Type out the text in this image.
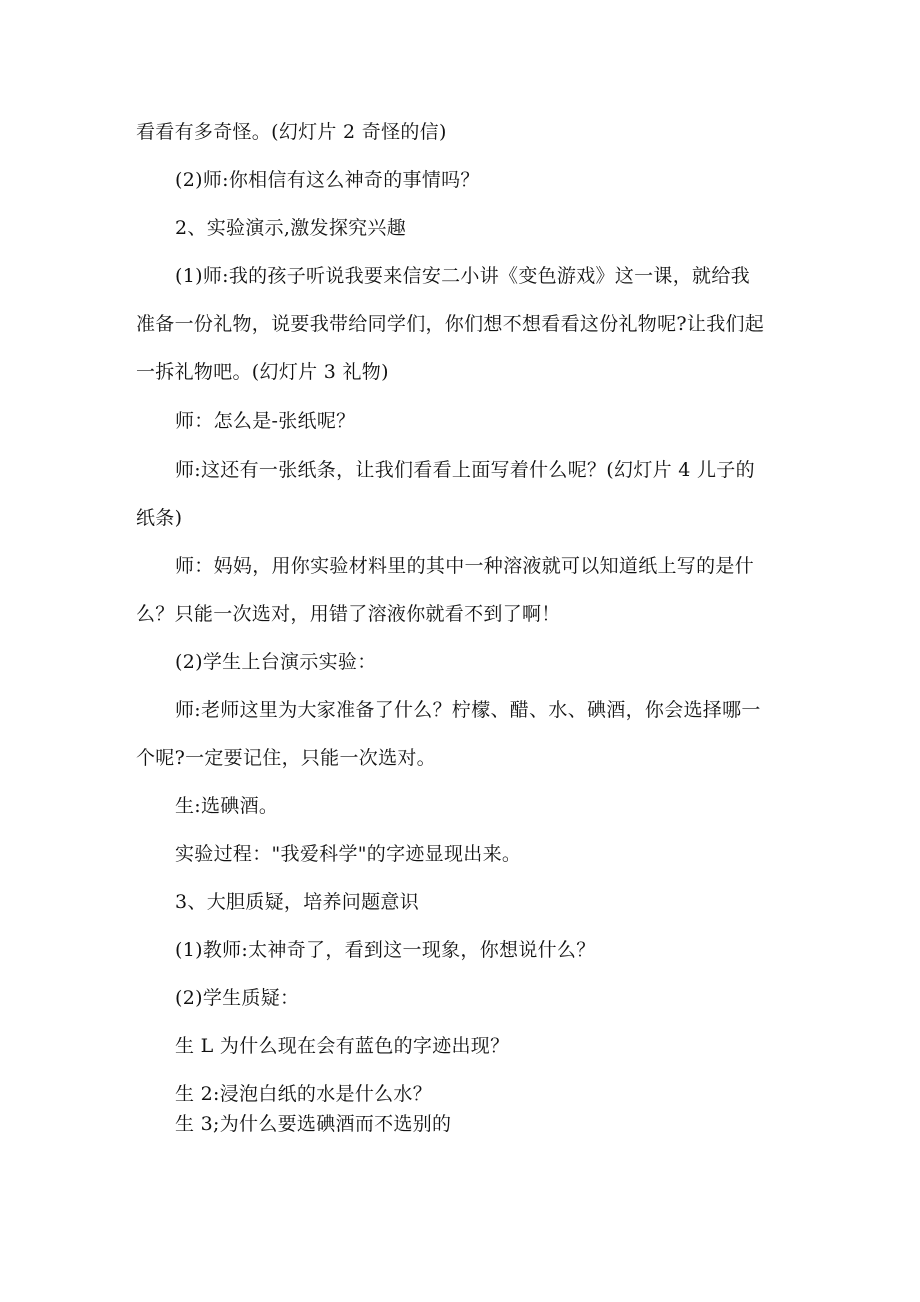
看看有多奇怪。(幻灯片 2 奇怪的信)
(2)师:你相信有这么神奇的事情吗？
2、实验演示,激发探究兴趣
(1)师:我的孩子听说我要来信安二小讲《变色游戏》这一课，就给我
准备一份礼物，说要我带给同学们，你们想不想看看这份礼物呢?让我们起
一拆礼物吧。(幻灯片 3 礼物)
师：怎么是-张纸呢？
师:这还有一张纸条，让我们看看上面写着什么呢？(幻灯片 4 儿子的
纸条)
师：妈妈，用你实验材料里的其中一种溶液就可以知道纸上写的是什
么？只能一次选对，用错了溶液你就看不到了啊！
(2)学生上台演示实验：
师:老师这里为大家准备了什么？柠檬、醋、水、碘酒，你会选择哪一
个呢?一定要记住，只能一次选对。
生:选碘酒。
实验过程："我爱科学"的字迹显现出来。
3、大胆质疑，培养问题意识
(1)教师:太神奇了，看到这一现象，你想说什么？
(2)学生质疑：
生 L 为什么现在会有蓝色的字迹出现？
生 2:浸泡白纸的水是什么水？
生 3;为什么要选碘酒而不选别的
